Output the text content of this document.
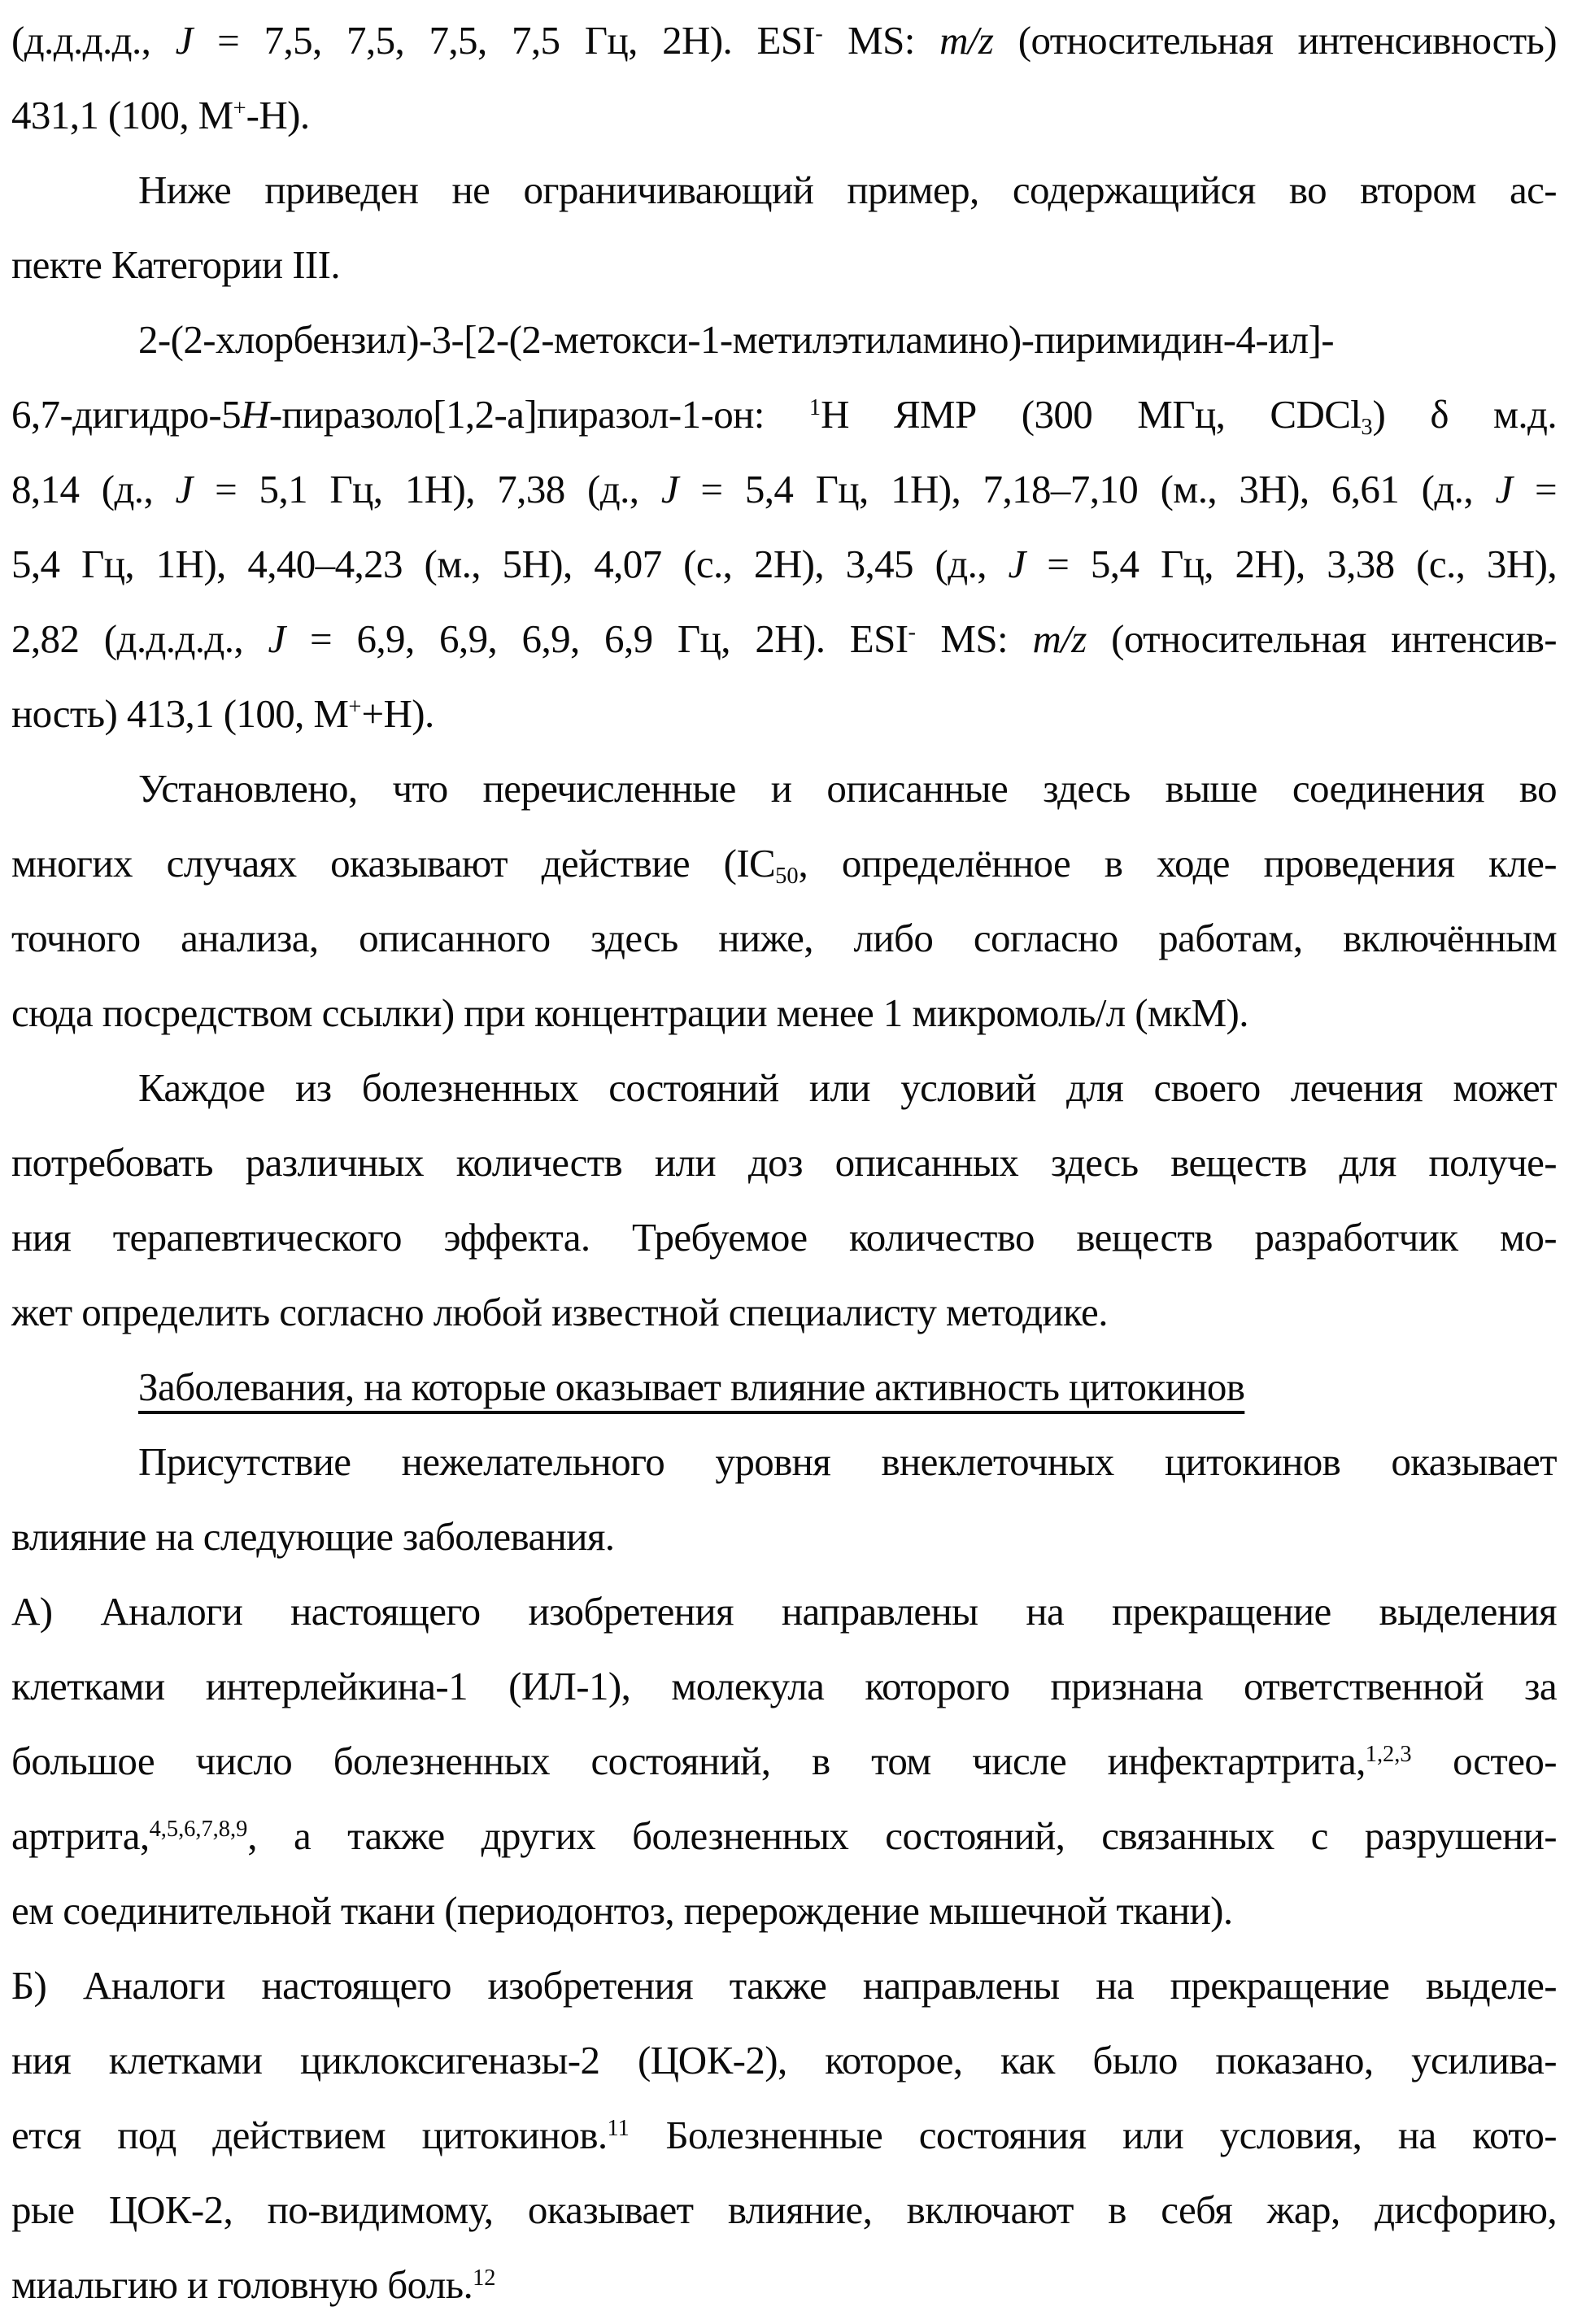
(д.д.д.д., J = 7,5, 7,5, 7,5, 7,5 Гц, 2H). ESI- MS: m/z (относительная интенсивность)
431,1 (100, M+-H).
Ниже приведен не ограничивающий пример, содержащийся во втором ас-
пекте Категории III.
2-(2-хлорбензил)-3-[2-(2-метокси-1-метилэтиламино)-пиримидин-4-ил]-
6,7-дигидро-5H-пиразоло[1,2-a]пиразол-1-он: $^1$H ЯМР (300 МГц, CDCl3) δ м.д.
8,14 (д., J = 5,1 Гц, 1H), 7,38 (д., J = 5,4 Гц, 1H), 7,18–7,10 (м., 3H), 6,61 (д., J =
5,4 Гц, 1H), 4,40–4,23 (м., 5H), 4,07 (с., 2H), 3,45 (д., J = 5,4 Гц, 2H), 3,38 (с., 3H),
2,82 (д.д.д.д., J = 6,9, 6,9, 6,9, 6,9 Гц, 2H). ESI- MS: m/z (относительная интенсив-
ность) 413,1 (100, M++H).
Установлено, что перечисленные и описанные здесь выше соединения во
многих случаях оказывают действие (IC50, определённое в ходе проведения кле-
точного анализа, описанного здесь ниже, либо согласно работам, включённым
сюда посредством ссылки) при концентрации менее 1 микромоль/л (мкМ).
Каждое из болезненных состояний или условий для своего лечения может
потребовать различных количеств или доз описанных здесь веществ для получе-
ния терапевтического эффекта. Требуемое количество веществ разработчик мо-
жет определить согласно любой известной специалисту методике.
Заболевания, на которые оказывает влияние активность цитокинов
Присутствие нежелательного уровня внеклеточных цитокинов оказывает
влияние на следующие заболевания.
А) Аналоги настоящего изобретения направлены на прекращение выделения
клетками интерлейкина-1 (ИЛ-1), молекула которого признана ответственной за
большое число болезненных состояний, в том числе инфектартрита,$^{1,2,3}$ остео-
артрита,$^{4,5,6,7,8,9}$, а также других болезненных состояний, связанных с разрушени-
ем соединительной ткани (периодонтоз, перерождение мышечной ткани).
Б) Аналоги настоящего изобретения также направлены на прекращение выделе-
ния клетками циклоксигеназы-2 (ЦОК-2), которое, как было показано, усилива-
ется под действием цитокинов.$^{11}$ Болезненные состояния или условия, на кото-
рые ЦОК-2, по-видимому, оказывает влияние, включают в себя жар, дисфорию,
миальгию и головную боль.$^{12}$
